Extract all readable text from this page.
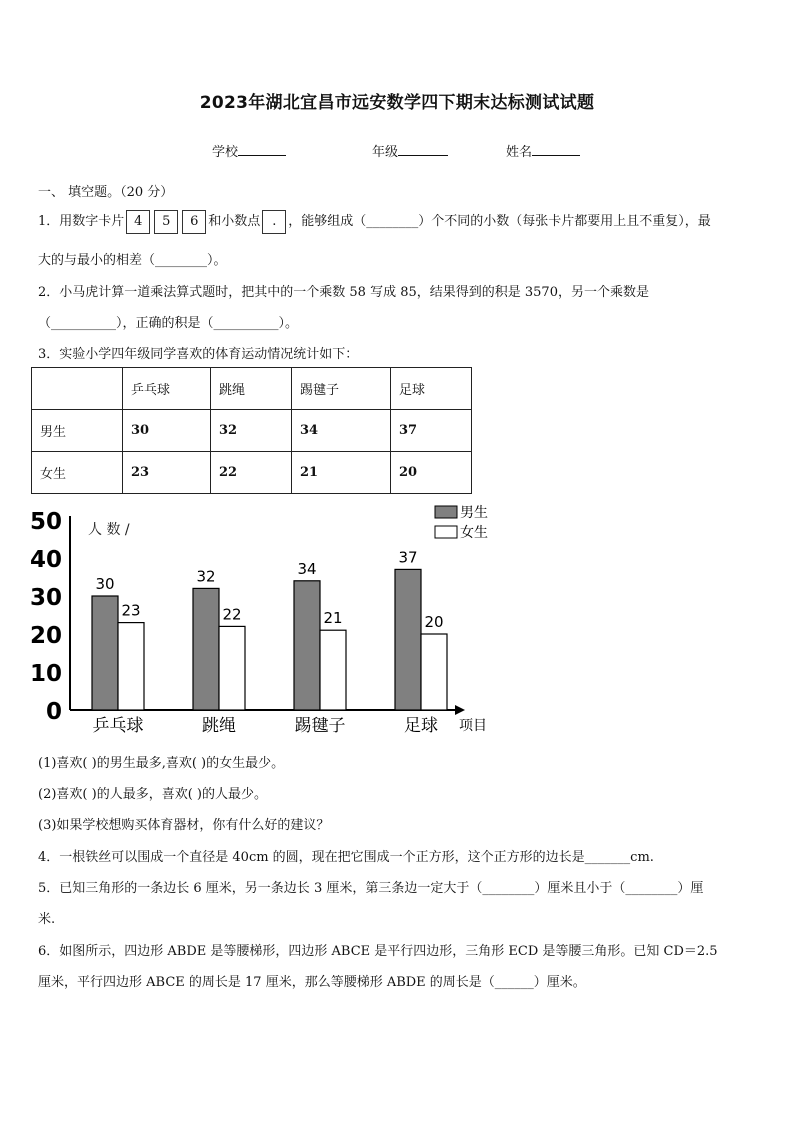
2023年湖北宜昌市远安数学四下期末达标测试试题
学校	年级	姓名
一、 填空题。（20 分）
1．用数字卡片 4 5 6 和小数点 . ，能够组成（________）个不同的小数（每张卡片都要用上且不重复），最
大的与最小的相差（________）。
2．小马虎计算一道乘法算式题时，把其中的一个乘数 58 写成 85，结果得到的积是 3570，另一个乘数是
（__________），正确的积是（__________）。
3．实验小学四年级同学喜欢的体育运动情况统计如下：
	乒乓球	跳绳	踢毽子	足球
男生	30	32	34	37
女生	23	22	21	20
0
10
20
30
40
50 人 数 /
30
23
乒乓球
32
22
跳绳
34
21
踢毽子
37
20
足球 项目
男生
女生
(1)喜欢( )的男生最多,喜欢( )的女生最少。
(2)喜欢( )的人最多，喜欢( )的人最少。
(3)如果学校想购买体育器材，你有什么好的建议？
4．一根铁丝可以围成一个直径是 40cm 的圆，现在把它围成一个正方形，这个正方形的边长是_______cm.
5．已知三角形的一条边长 6 厘米，另一条边长 3 厘米，第三条边一定大于（________）厘米且小于（________）厘
米.
6．如图所示，四边形 ABDE 是等腰梯形，四边形 ABCE 是平行四边形，三角形 ECD 是等腰三角形。已知 CD＝2.5
厘米，平行四边形 ABCE 的周长是 17 厘米，那么等腰梯形 ABDE 的周长是（______）厘米。
